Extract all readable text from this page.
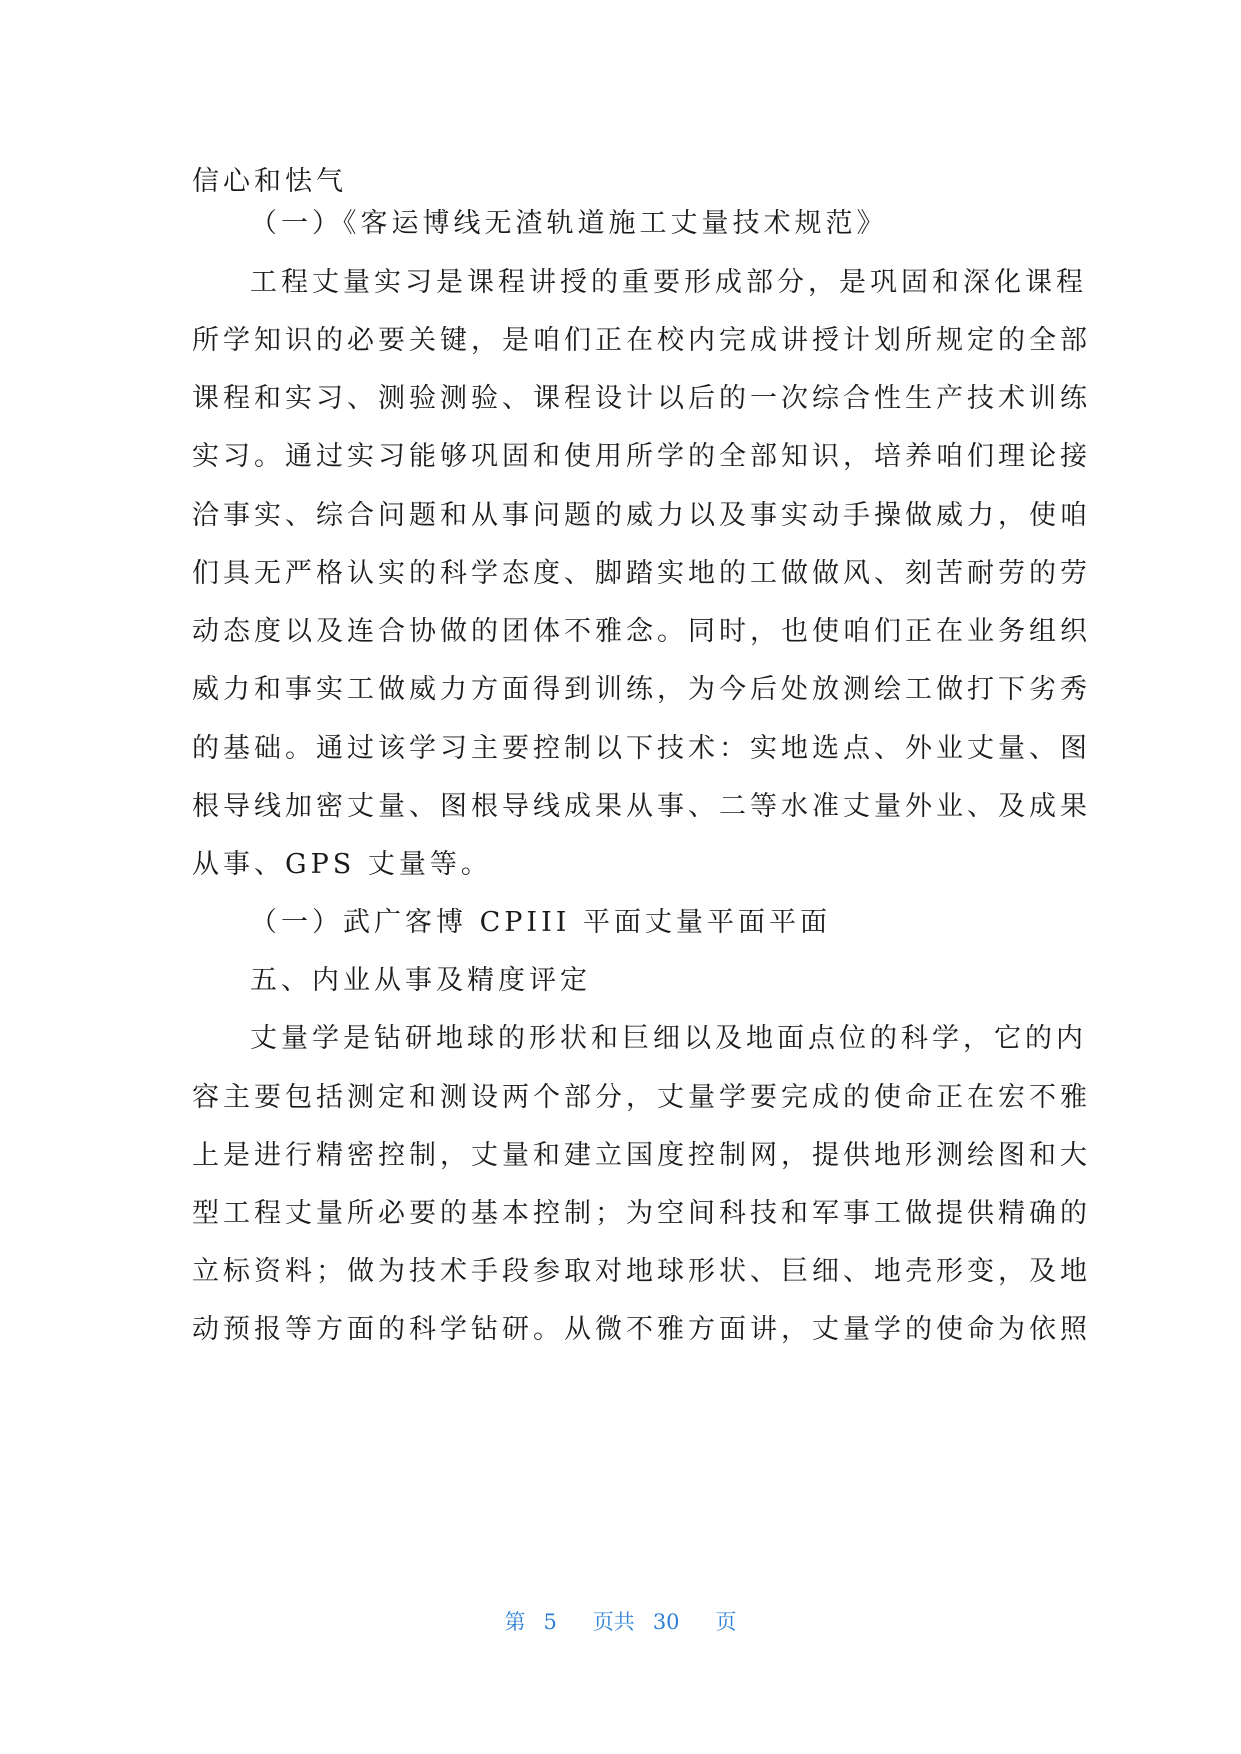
信心和怯气
（一）《客运博线无渣轨道施工丈量技术规范》
工程丈量实习是课程讲授的重要形成部分，是巩固和深化课程
所学知识的必要关键，是咱们正在校内完成讲授计划所规定的全部
课程和实习、测验测验、课程设计以后的一次综合性生产技术训练
实习。通过实习能够巩固和使用所学的全部知识，培养咱们理论接
洽事实、综合问题和从事问题的威力以及事实动手操做威力，使咱
们具无严格认实的科学态度、脚踏实地的工做做风、刻苦耐劳的劳
动态度以及连合协做的团体不雅念。同时，也使咱们正在业务组织
威力和事实工做威力方面得到训练，为今后处放测绘工做打下劣秀
的基础。通过该学习主要控制以下技术：实地选点、外业丈量、图
根导线加密丈量、图根导线成果从事、二等水准丈量外业、及成果
从事、GPS 丈量等。
（一）武广客博 CPIII 平面丈量平面平面
五、内业从事及精度评定
丈量学是钻研地球的形状和巨细以及地面点位的科学，它的内
容主要包括测定和测设两个部分，丈量学要完成的使命正在宏不雅
上是进行精密控制，丈量和建立国度控制网，提供地形测绘图和大
型工程丈量所必要的基本控制；为空间科技和军事工做提供精确的
立标资料；做为技术手段参取对地球形状、巨细、地壳形变，及地
动预报等方面的科学钻研。从微不雅方面讲，丈量学的使命为依照
第 5 页共 30 页
